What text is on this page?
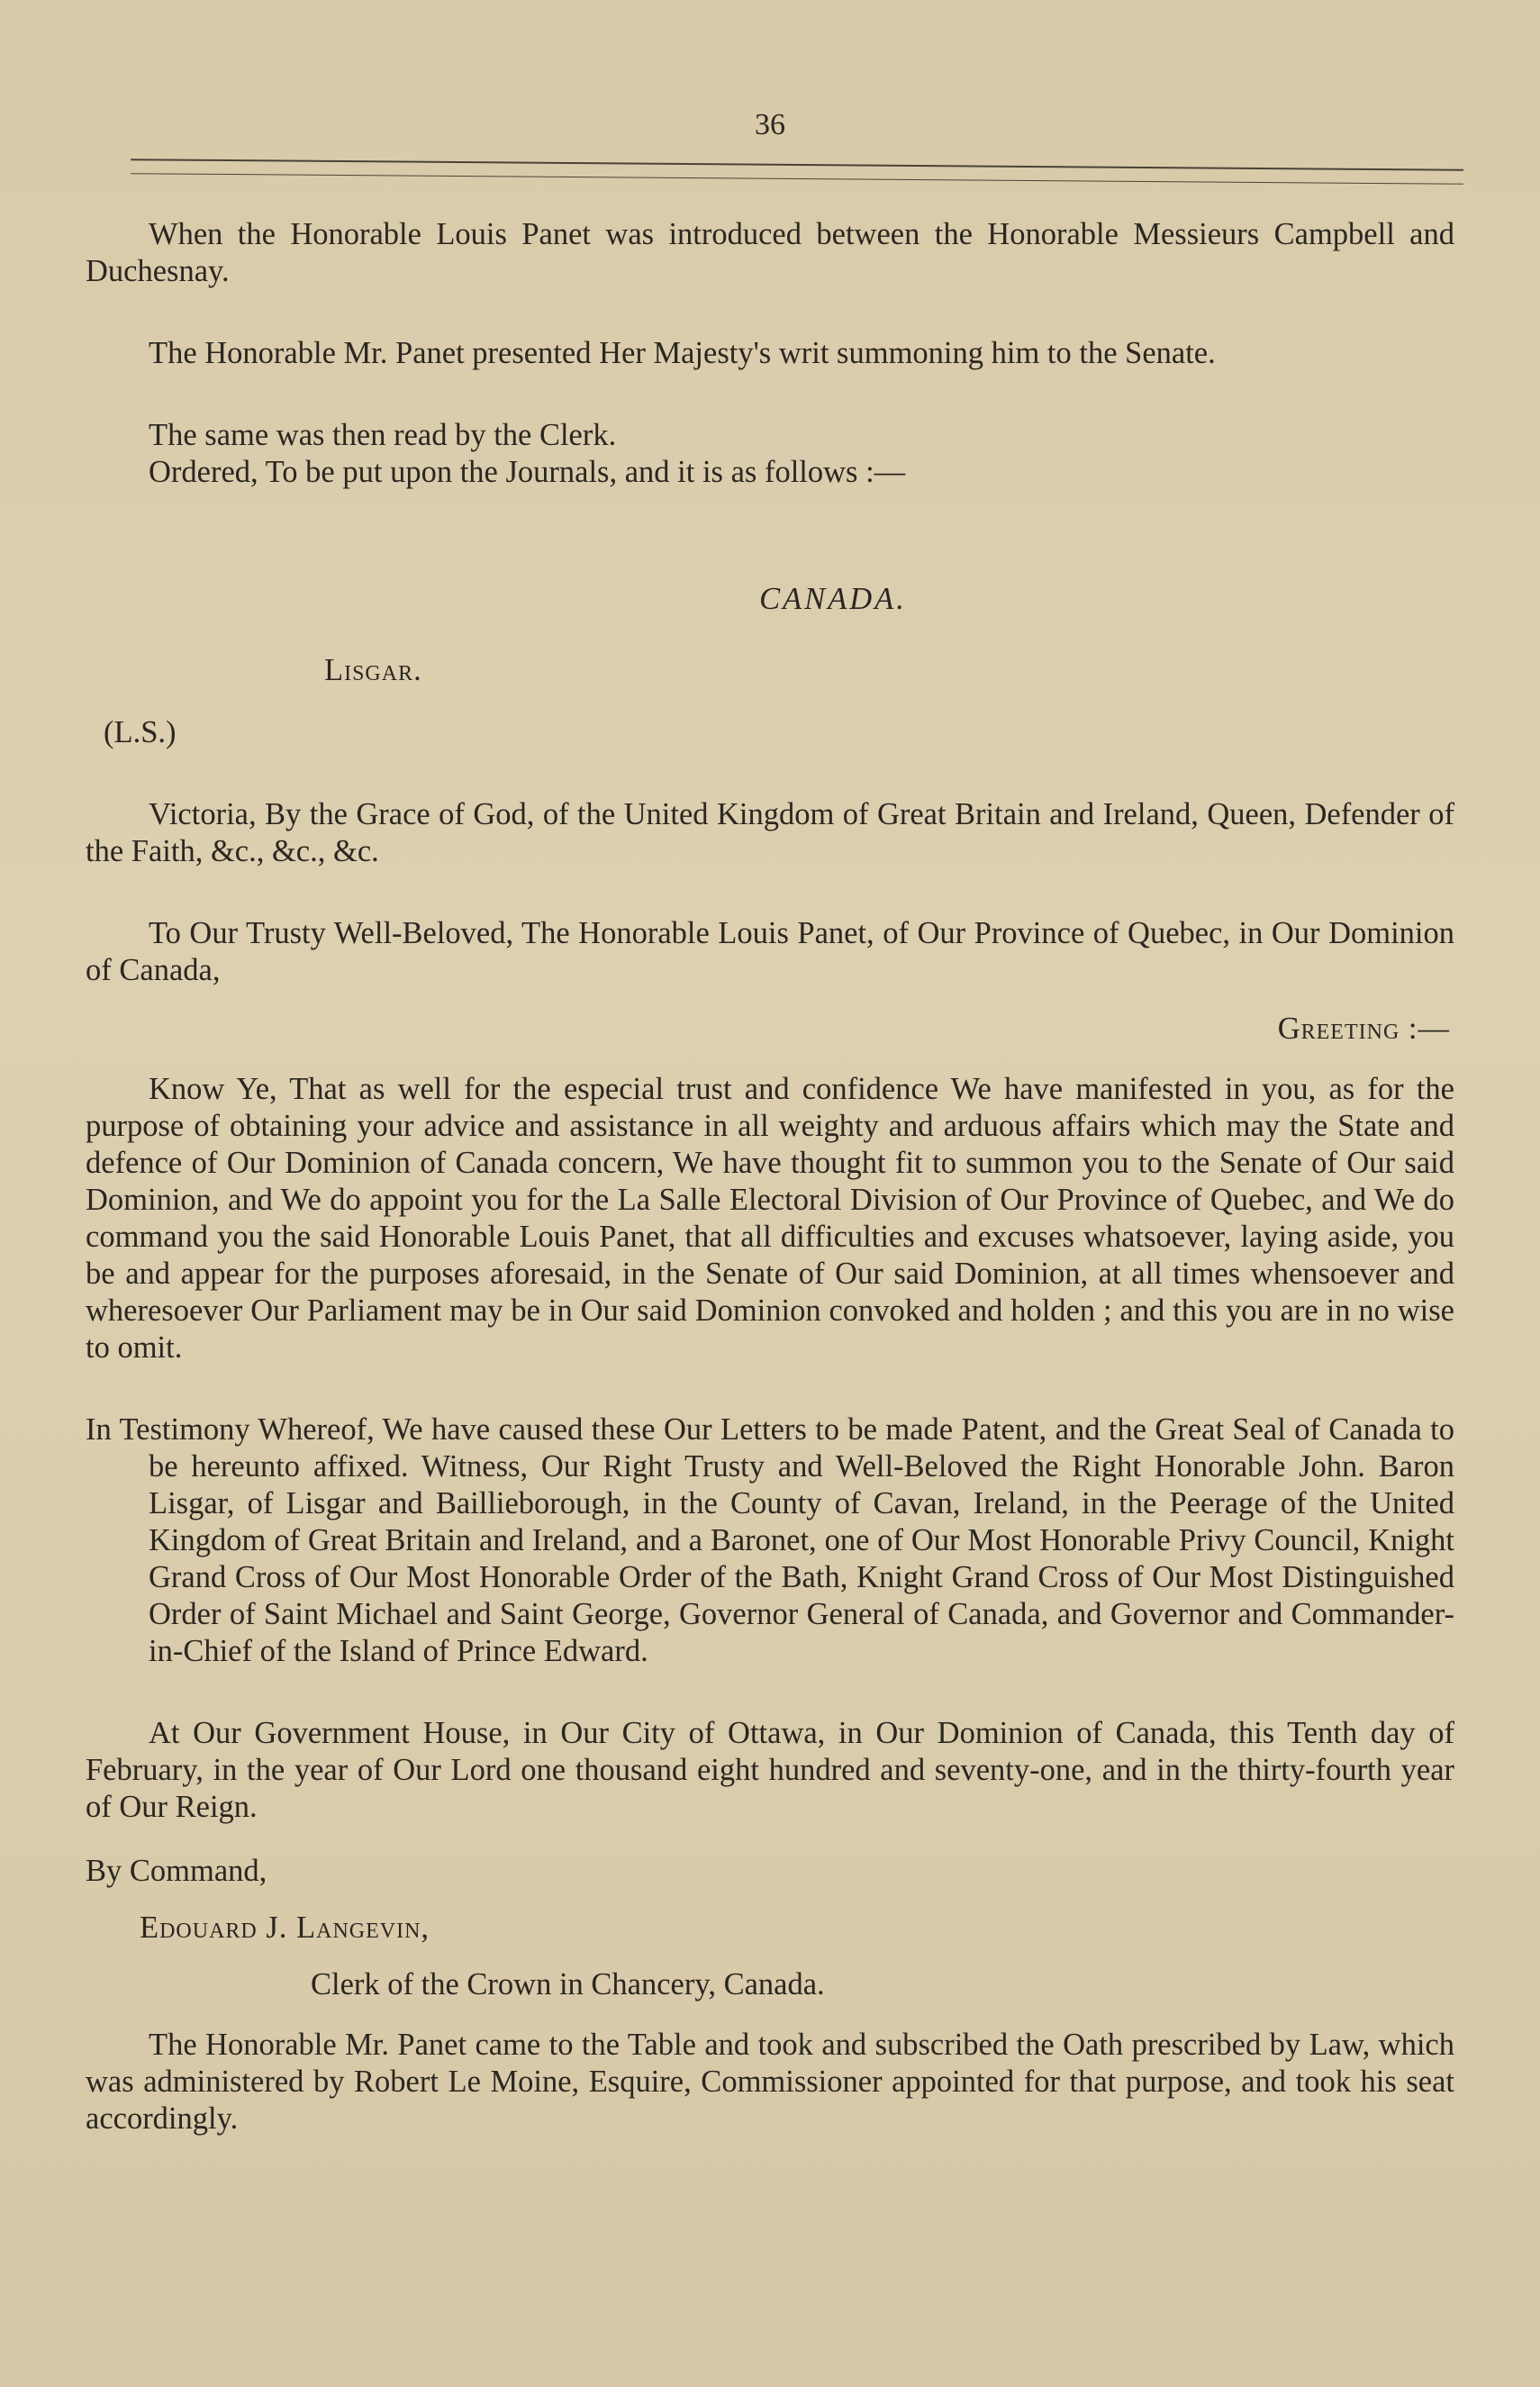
36

When the Honorable Louis Panet was introduced between the Honorable Messieurs Campbell and Duchesnay.

The Honorable Mr. Panet presented Her Majesty's writ summoning him to the Senate.

The same was then read by the Clerk.

Ordered, To be put upon the Journals, and it is as follows :—

CANADA.

Lisgar.

(L.S.)

Victoria, By the Grace of God, of the United Kingdom of Great Britain and Ireland, Queen, Defender of the Faith, &c., &c., &c.

To Our Trusty Well-Beloved, The Honorable Louis Panet, of Our Province of Quebec, in Our Dominion of Canada,

Greeting :—

Know Ye, That as well for the especial trust and confidence We have manifested in you, as for the purpose of obtaining your advice and assistance in all weighty and arduous affairs which may the State and defence of Our Dominion of Canada concern, We have thought fit to summon you to the Senate of Our said Dominion, and We do appoint you for the La Salle Electoral Division of Our Province of Quebec, and We do command you the said Honorable Louis Panet, that all difficulties and excuses whatsoever, laying aside, you be and appear for the purposes aforesaid, in the Senate of Our said Dominion, at all times whensoever and wheresoever Our Parliament may be in Our said Dominion convoked and holden ; and this you are in no wise to omit.

In Testimony Whereof, We have caused these Our Letters to be made Patent, and the Great Seal of Canada to be hereunto affixed. Witness, Our Right Trusty and Well-Beloved the Right Honorable John. Baron Lisgar, of Lisgar and Baillieborough, in the County of Cavan, Ireland, in the Peerage of the United Kingdom of Great Britain and Ireland, and a Baronet, one of Our Most Honorable Privy Council, Knight Grand Cross of Our Most Honorable Order of the Bath, Knight Grand Cross of Our Most Distinguished Order of Saint Michael and Saint George, Governor General of Canada, and Governor and Commander-in-Chief of the Island of Prince Edward.

At Our Government House, in Our City of Ottawa, in Our Dominion of Canada, this Tenth day of February, in the year of Our Lord one thousand eight hundred and seventy-one, and in the thirty-fourth year of Our Reign.

By Command,

Edouard J. Langevin,

Clerk of the Crown in Chancery, Canada.

The Honorable Mr. Panet came to the Table and took and subscribed the Oath prescribed by Law, which was administered by Robert Le Moine, Esquire, Commissioner appointed for that purpose, and took his seat accordingly.
